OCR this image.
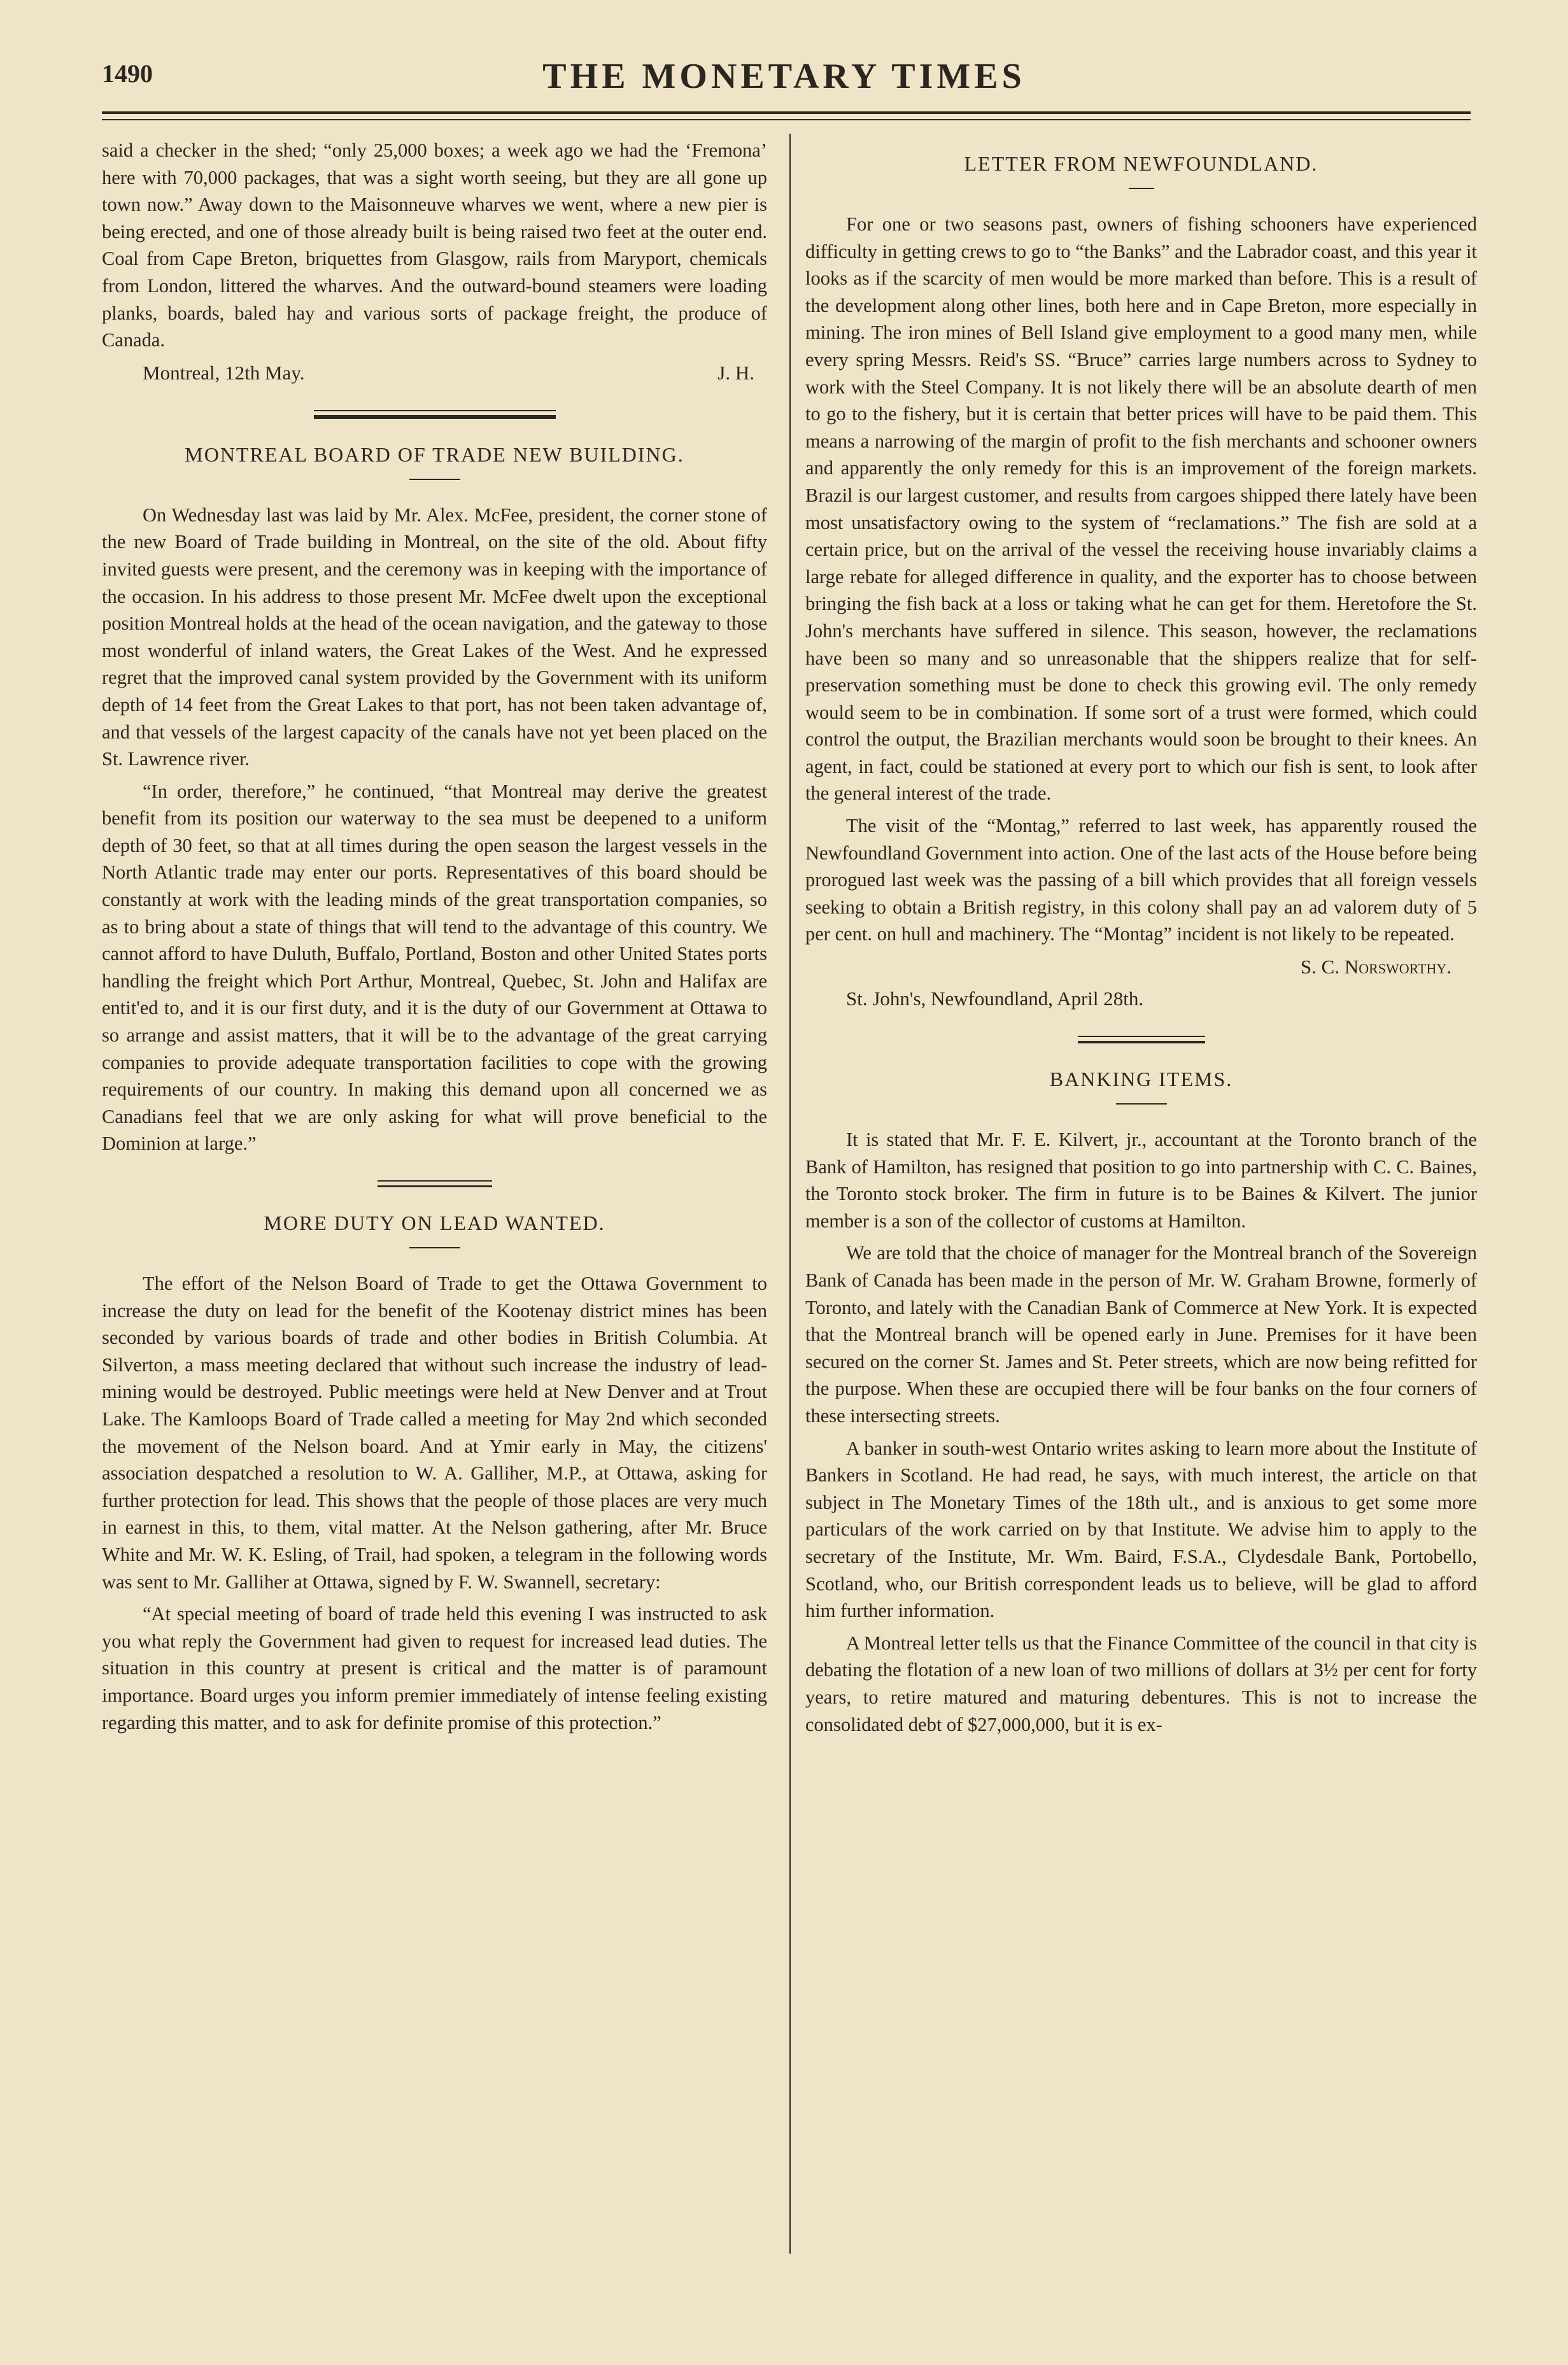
1490	THE MONETARY TIMES

said a checker in the shed; “only 25,000 boxes; a week ago we had the ‘Fremona’ here with 70,000 packages, that was a sight worth seeing, but they are all gone up town now.” Away down to the Maisonneuve wharves we went, where a new pier is being erected, and one of those already built is being raised two feet at the outer end. Coal from Cape Breton, briquettes from Glasgow, rails from Maryport, chemicals from London, littered the wharves. And the outward-bound steamers were loading planks, boards, baled hay and various sorts of package freight, the produce of Canada.

Montreal, 12th May.	J. H.
MONTREAL BOARD OF TRADE NEW BUILDING.

On Wednesday last was laid by Mr. Alex. McFee, president, the corner stone of the new Board of Trade building in Montreal, on the site of the old. About fifty invited guests were present, and the ceremony was in keeping with the importance of the occasion. In his address to those present Mr. McFee dwelt upon the exceptional position Montreal holds at the head of the ocean navigation, and the gateway to those most wonderful of inland waters, the Great Lakes of the West. And he expressed regret that the improved canal system provided by the Government with its uniform depth of 14 feet from the Great Lakes to that port, has not been taken advantage of, and that vessels of the largest capacity of the canals have not yet been placed on the St. Lawrence river.

“In order, therefore,” he continued, “that Montreal may derive the greatest benefit from its position our waterway to the sea must be deepened to a uniform depth of 30 feet, so that at all times during the open season the largest vessels in the North Atlantic trade may enter our ports. Representatives of this board should be constantly at work with the leading minds of the great transportation companies, so as to bring about a state of things that will tend to the advantage of this country. We cannot afford to have Duluth, Buffalo, Portland, Boston and other United States ports handling the freight which Port Arthur, Montreal, Quebec, St. John and Halifax are entit'ed to, and it is our first duty, and it is the duty of our Government at Ottawa to so arrange and assist matters, that it will be to the advantage of the great carrying companies to provide adequate transportation facilities to cope with the growing requirements of our country. In making this demand upon all concerned we as Canadians feel that we are only asking for what will prove beneficial to the Dominion at large.”

MORE DUTY ON LEAD WANTED.

The effort of the Nelson Board of Trade to get the Ottawa Government to increase the duty on lead for the benefit of the Kootenay district mines has been seconded by various boards of trade and other bodies in British Columbia. At Silverton, a mass meeting declared that without such increase the industry of lead-mining would be destroyed. Public meetings were held at New Denver and at Trout Lake. The Kamloops Board of Trade called a meeting for May 2nd which seconded the movement of the Nelson board. And at Ymir early in May, the citizens' association despatched a resolution to W. A. Galliher, M.P., at Ottawa, asking for further protection for lead. This shows that the people of those places are very much in earnest in this, to them, vital matter. At the Nelson gathering, after Mr. Bruce White and Mr. W. K. Esling, of Trail, had spoken, a telegram in the following words was sent to Mr. Galliher at Ottawa, signed by F. W. Swannell, secretary:

“At special meeting of board of trade held this evening I was instructed to ask you what reply the Government had given to request for increased lead duties. The situation in this country at present is critical and the matter is of paramount importance. Board urges you inform premier immediately of intense feeling existing regarding this matter, and to ask for definite promise of this protection.”

LETTER FROM NEWFOUNDLAND.

For one or two seasons past, owners of fishing schooners have experienced difficulty in getting crews to go to “the Banks” and the Labrador coast, and this year it looks as if the scarcity of men would be more marked than before. This is a result of the development along other lines, both here and in Cape Breton, more especially in mining. The iron mines of Bell Island give employment to a good many men, while every spring Messrs. Reid's SS. “Bruce” carries large numbers across to Sydney to work with the Steel Company. It is not likely there will be an absolute dearth of men to go to the fishery, but it is certain that better prices will have to be paid them. This means a narrowing of the margin of profit to the fish merchants and schooner owners and apparently the only remedy for this is an improvement of the foreign markets. Brazil is our largest customer, and results from cargoes shipped there lately have been most unsatisfactory owing to the system of “reclamations.” The fish are sold at a certain price, but on the arrival of the vessel the receiving house invariably claims a large rebate for alleged difference in quality, and the exporter has to choose between bringing the fish back at a loss or taking what he can get for them. Heretofore the St. John's merchants have suffered in silence. This season, however, the reclamations have been so many and so unreasonable that the shippers realize that for self-preservation something must be done to check this growing evil. The only remedy would seem to be in combination. If some sort of a trust were formed, which could control the output, the Brazilian merchants would soon be brought to their knees. An agent, in fact, could be stationed at every port to which our fish is sent, to look after the general interest of the trade.

The visit of the “Montag,” referred to last week, has apparently roused the Newfoundland Government into action. One of the last acts of the House before being prorogued last week was the passing of a bill which provides that all foreign vessels seeking to obtain a British registry, in this colony shall pay an ad valorem duty of 5 per cent. on hull and machinery. The “Montag” incident is not likely to be repeated.

S. C. Norsworthy.
St. John's, Newfoundland, April 28th.
BANKING ITEMS.

It is stated that Mr. F. E. Kilvert, jr., accountant at the Toronto branch of the Bank of Hamilton, has resigned that position to go into partnership with C. C. Baines, the Toronto stock broker. The firm in future is to be Baines & Kilvert. The junior member is a son of the collector of customs at Hamilton.

We are told that the choice of manager for the Montreal branch of the Sovereign Bank of Canada has been made in the person of Mr. W. Graham Browne, formerly of Toronto, and lately with the Canadian Bank of Commerce at New York. It is expected that the Montreal branch will be opened early in June. Premises for it have been secured on the corner St. James and St. Peter streets, which are now being refitted for the purpose. When these are occupied there will be four banks on the four corners of these intersecting streets.

A banker in south-west Ontario writes asking to learn more about the Institute of Bankers in Scotland. He had read, he says, with much interest, the article on that subject in The Monetary Times of the 18th ult., and is anxious to get some more particulars of the work carried on by that Institute. We advise him to apply to the secretary of the Institute, Mr. Wm. Baird, F.S.A., Clydesdale Bank, Portobello, Scotland, who, our British correspondent leads us to believe, will be glad to afford him further information.

A Montreal letter tells us that the Finance Committee of the council in that city is debating the flotation of a new loan of two millions of dollars at 3½ per cent for forty years, to retire matured and maturing debentures. This is not to increase the consolidated debt of $27,000,000, but it is ex-
